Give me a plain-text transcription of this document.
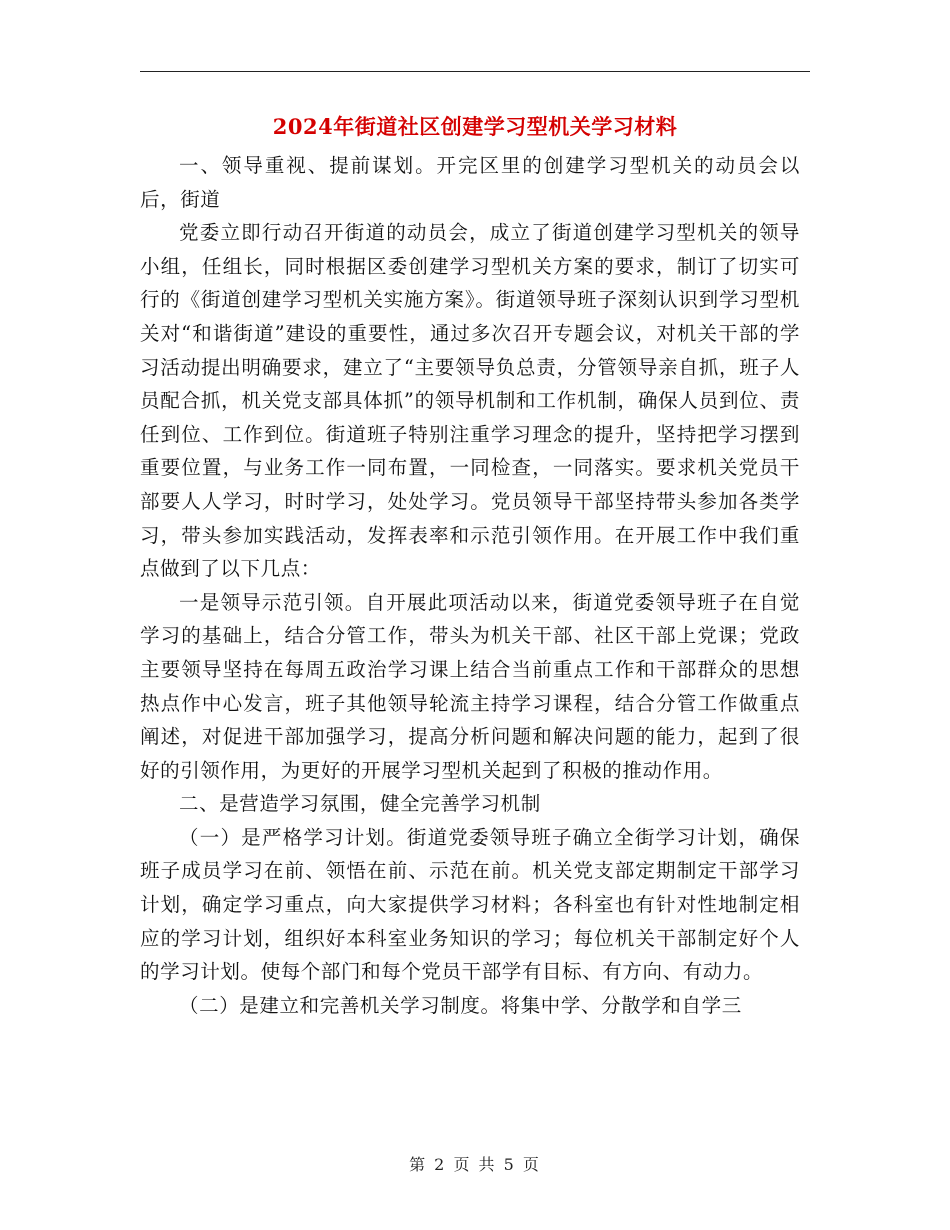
2024年街道社区创建学习型机关学习材料

一、领导重视、提前谋划。开完区里的创建学习型机关的动员会以后，街道

党委立即行动召开街道的动员会，成立了街道创建学习型机关的领导小组，任组长，同时根据区委创建学习型机关方案的要求，制订了切实可行的《街道创建学习型机关实施方案》。街道领导班子深刻认识到学习型机关对“和谐街道”建设的重要性，通过多次召开专题会议，对机关干部的学习活动提出明确要求，建立了“主要领导负总责，分管领导亲自抓，班子人员配合抓，机关党支部具体抓”的领导机制和工作机制，确保人员到位、责任到位、工作到位。街道班子特别注重学习理念的提升，坚持把学习摆到重要位置，与业务工作一同布置，一同检查，一同落实。要求机关党员干部要人人学习，时时学习，处处学习。党员领导干部坚持带头参加各类学习，带头参加实践活动，发挥表率和示范引领作用。在开展工作中我们重点做到了以下几点：

一是领导示范引领。自开展此项活动以来，街道党委领导班子在自觉学习的基础上，结合分管工作，带头为机关干部、社区干部上党课；党政主要领导坚持在每周五政治学习课上结合当前重点工作和干部群众的思想热点作中心发言，班子其他领导轮流主持学习课程，结合分管工作做重点阐述，对促进干部加强学习，提高分析问题和解决问题的能力，起到了很好的引领作用，为更好的开展学习型机关起到了积极的推动作用。

二、是营造学习氛围，健全完善学习机制

（一）是严格学习计划。街道党委领导班子确立全街学习计划，确保班子成员学习在前、领悟在前、示范在前。机关党支部定期制定干部学习计划，确定学习重点，向大家提供学习材料；各科室也有针对性地制定相应的学习计划，组织好本科室业务知识的学习；每位机关干部制定好个人的学习计划。使每个部门和每个党员干部学有目标、有方向、有动力。

（二）是建立和完善机关学习制度。将集中学、分散学和自学三

第 2 页 共 5 页
